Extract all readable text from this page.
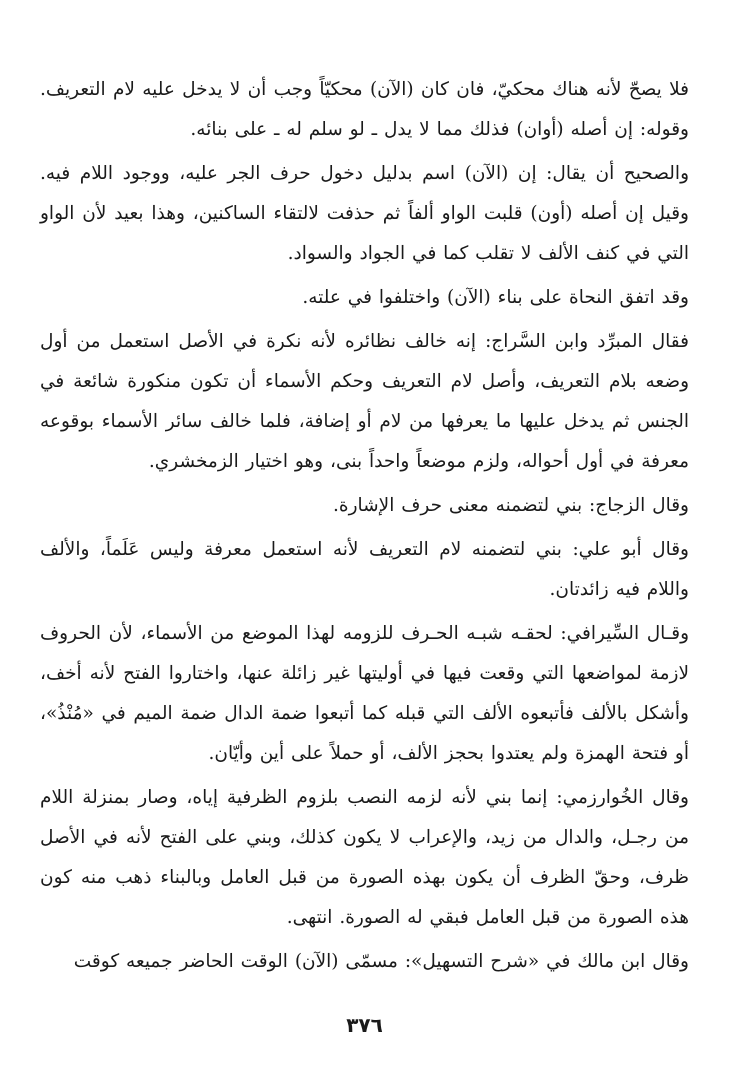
فلا يصحّ لأنه هناك محكيّ، فان كان (الآن) محكيّاً وجب أن لا يدخل عليه لام التعريف. وقوله: إن أصله (أوان) فذلك مما لا يدل ـ لو سلم له ـ على بنائه.

والصحيح أن يقال: إن (الآن) اسم بدليل دخول حرف الجر عليه، ووجود اللام فيه. وقيل إن أصله (أون) قلبت الواو ألفاً ثم حذفت لالتقاء الساكنين، وهذا بعيد لأن الواو التي في كنف الألف لا تقلب كما في الجواد والسواد.

وقد اتفق النحاة على بناء (الآن) واختلفوا في علته.

فقال المبرِّد وابن السَّراج: إنه خالف نظائره لأنه نكرة في الأصل استعمل من أول وضعه بلام التعريف، وأصل لام التعريف وحكم الأسماء أن تكون منكورة شائعة في الجنس ثم يدخل عليها ما يعرفها من لام أو إضافة، فلما خالف سائر الأسماء بوقوعه معرفة في أول أحواله، ولزم موضعاً واحداً بنى، وهو اختيار الزمخشري.

وقال الزجاج: بني لتضمنه معنى حرف الإشارة.

وقال أبو علي: بني لتضمنه لام التعريف لأنه استعمل معرفة وليس عَلَماً، والألف واللام فيه زائدتان.

وقـال السِّيرافي: لحقـه شبـه الحـرف للزومه لهذا الموضع من الأسماء، لأن الحروف لازمة لمواضعها التي وقعت فيها في أوليتها غير زائلة عنها، واختاروا الفتح لأنه أخف، وأشكل بالألف فأتبعوه الألف التي قبله كما أتبعوا ضمة الدال ضمة الميم في «مُنْذُ»، أو فتحة الهمزة ولم يعتدوا بحجز الألف، أو حملاً على أين وأيّان.

وقال الخُوارزمي: إنما بني لأنه لزمه النصب بلزوم الظرفية إياه، وصار بمنزلة اللام من رجـل، والدال من زيد، والإعراب لا يكون كذلك، وبني على الفتح لأنه في الأصل ظرف، وحقّ الظرف أن يكون بهذه الصورة من قبل العامل وبالبناء ذهب منه كون هذه الصورة من قبل العامل فبقي له الصورة. انتهى.

وقال ابن مالك في «شرح التسهيل»: مسمّى (الآن) الوقت الحاضر جميعه كوقت

٣٧٦
